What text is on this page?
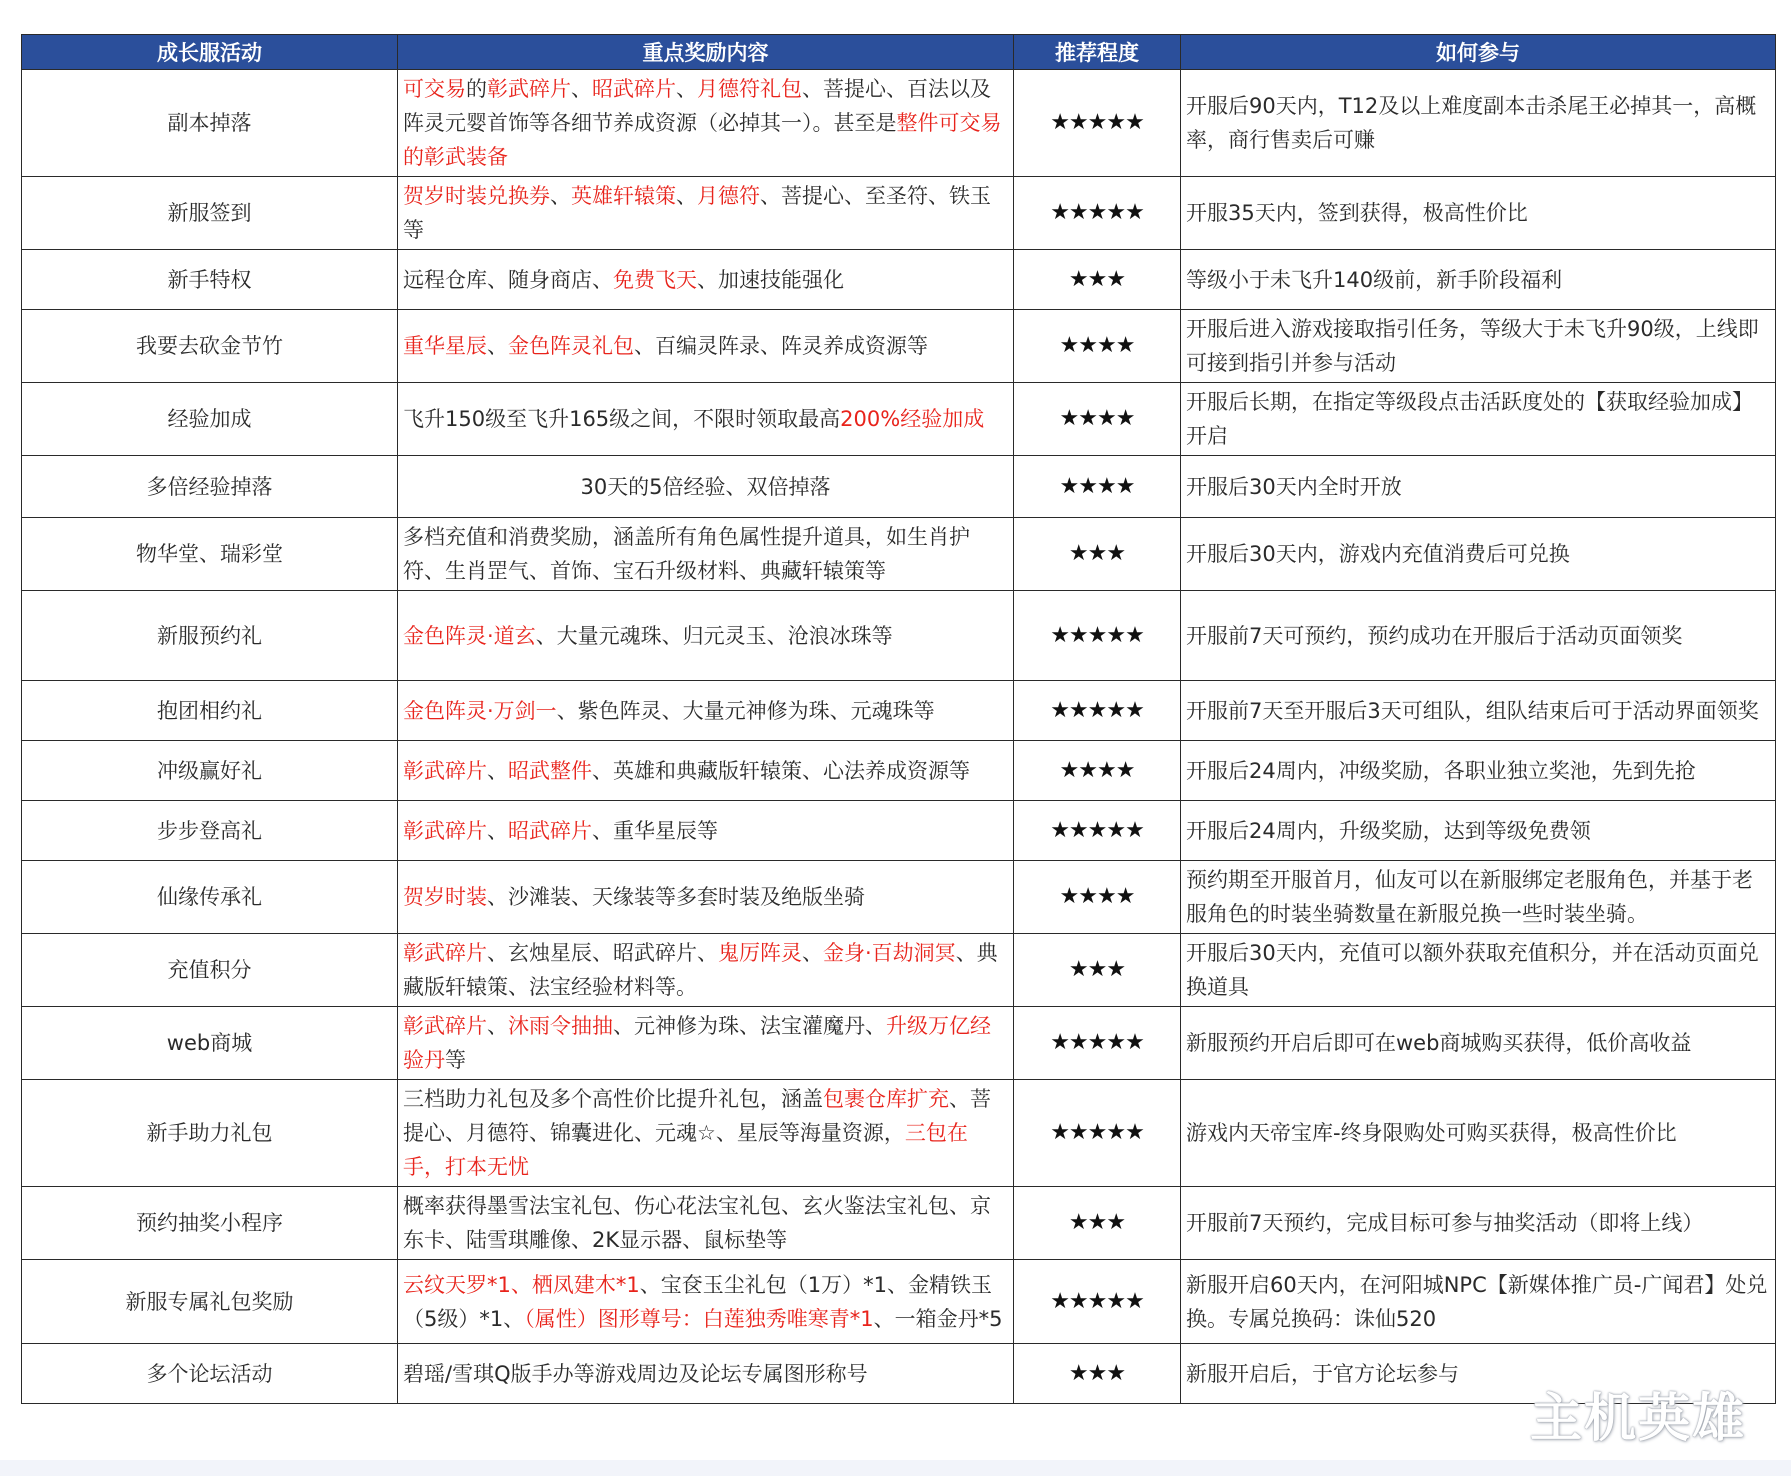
成长服活动	重点奖励内容	推荐程度	如何参与
副本掉落	可交易的彰武碎片、昭武碎片、月德符礼包、菩提心、百法以及阵灵元婴首饰等各细节养成资源（必掉其一）。甚至是整件可交易的彰武装备	★★★★★	开服后90天内，T12及以上难度副本击杀尾王必掉其一，高概率，商行售卖后可赚
新服签到	贺岁时装兑换券、英雄轩辕策、月德符、菩提心、至圣符、铁玉等	★★★★★	开服35天内，签到获得，极高性价比
新手特权	远程仓库、随身商店、免费飞天、加速技能强化	★★★	等级小于未飞升140级前，新手阶段福利
我要去砍金节竹	重华星辰、金色阵灵礼包、百编灵阵录、阵灵养成资源等	★★★★	开服后进入游戏接取指引任务，等级大于未飞升90级，上线即可接到指引并参与活动
经验加成	飞升150级至飞升165级之间，不限时领取最高200%经验加成	★★★★	开服后长期，在指定等级段点击活跃度处的【获取经验加成】开启
多倍经验掉落	30天的5倍经验、双倍掉落	★★★★	开服后30天内全时开放
物华堂、瑞彩堂	多档充值和消费奖励，涵盖所有角色属性提升道具，如生肖护符、生肖罡气、首饰、宝石升级材料、典藏轩辕策等	★★★	开服后30天内，游戏内充值消费后可兑换
新服预约礼	金色阵灵·道玄、大量元魂珠、归元灵玉、沧浪冰珠等	★★★★★	开服前7天可预约，预约成功在开服后于活动页面领奖
抱团相约礼	金色阵灵·万剑一、紫色阵灵、大量元神修为珠、元魂珠等	★★★★★	开服前7天至开服后3天可组队，组队结束后可于活动界面领奖
冲级赢好礼	彰武碎片、昭武整件、英雄和典藏版轩辕策、心法养成资源等	★★★★	开服后24周内，冲级奖励，各职业独立奖池，先到先抢
步步登高礼	彰武碎片、昭武碎片、重华星辰等	★★★★★	开服后24周内，升级奖励，达到等级免费领
仙缘传承礼	贺岁时装、沙滩装、天缘装等多套时装及绝版坐骑	★★★★	预约期至开服首月，仙友可以在新服绑定老服角色，并基于老服角色的时装坐骑数量在新服兑换一些时装坐骑。
充值积分	彰武碎片、玄烛星辰、昭武碎片、鬼厉阵灵、金身·百劫洞冥、典藏版轩辕策、法宝经验材料等。	★★★	开服后30天内，充值可以额外获取充值积分，并在活动页面兑换道具
web商城	彰武碎片、沐雨令抽抽、元神修为珠、法宝灌魔丹、升级万亿经验丹等	★★★★★	新服预约开启后即可在web商城购买获得，低价高收益
新手助力礼包	三档助力礼包及多个高性价比提升礼包，涵盖包裹仓库扩充、菩提心、月德符、锦囊进化、元魂☆、星辰等海量资源，三包在手，打本无忧	★★★★★	游戏内天帝宝库-终身限购处可购买获得，极高性价比
预约抽奖小程序	概率获得墨雪法宝礼包、伤心花法宝礼包、玄火鉴法宝礼包、京东卡、陆雪琪雕像、2K显示器、鼠标垫等	★★★	开服前7天预约，完成目标可参与抽奖活动（即将上线）
新服专属礼包奖励	云纹天罗*1、栖凤建木*1、宝奁玉尘礼包（1万）*1、金精铁玉（5级）*1、（属性）图形尊号：白莲独秀唯寒青*1、一箱金丹*5	★★★★★	新服开启60天内，在河阳城NPC【新媒体推广员-广闻君】处兑换。专属兑换码：诛仙520
多个论坛活动	碧瑶/雪琪Q版手办等游戏周边及论坛专属图形称号	★★★	新服开启后，于官方论坛参与
主机英雄
